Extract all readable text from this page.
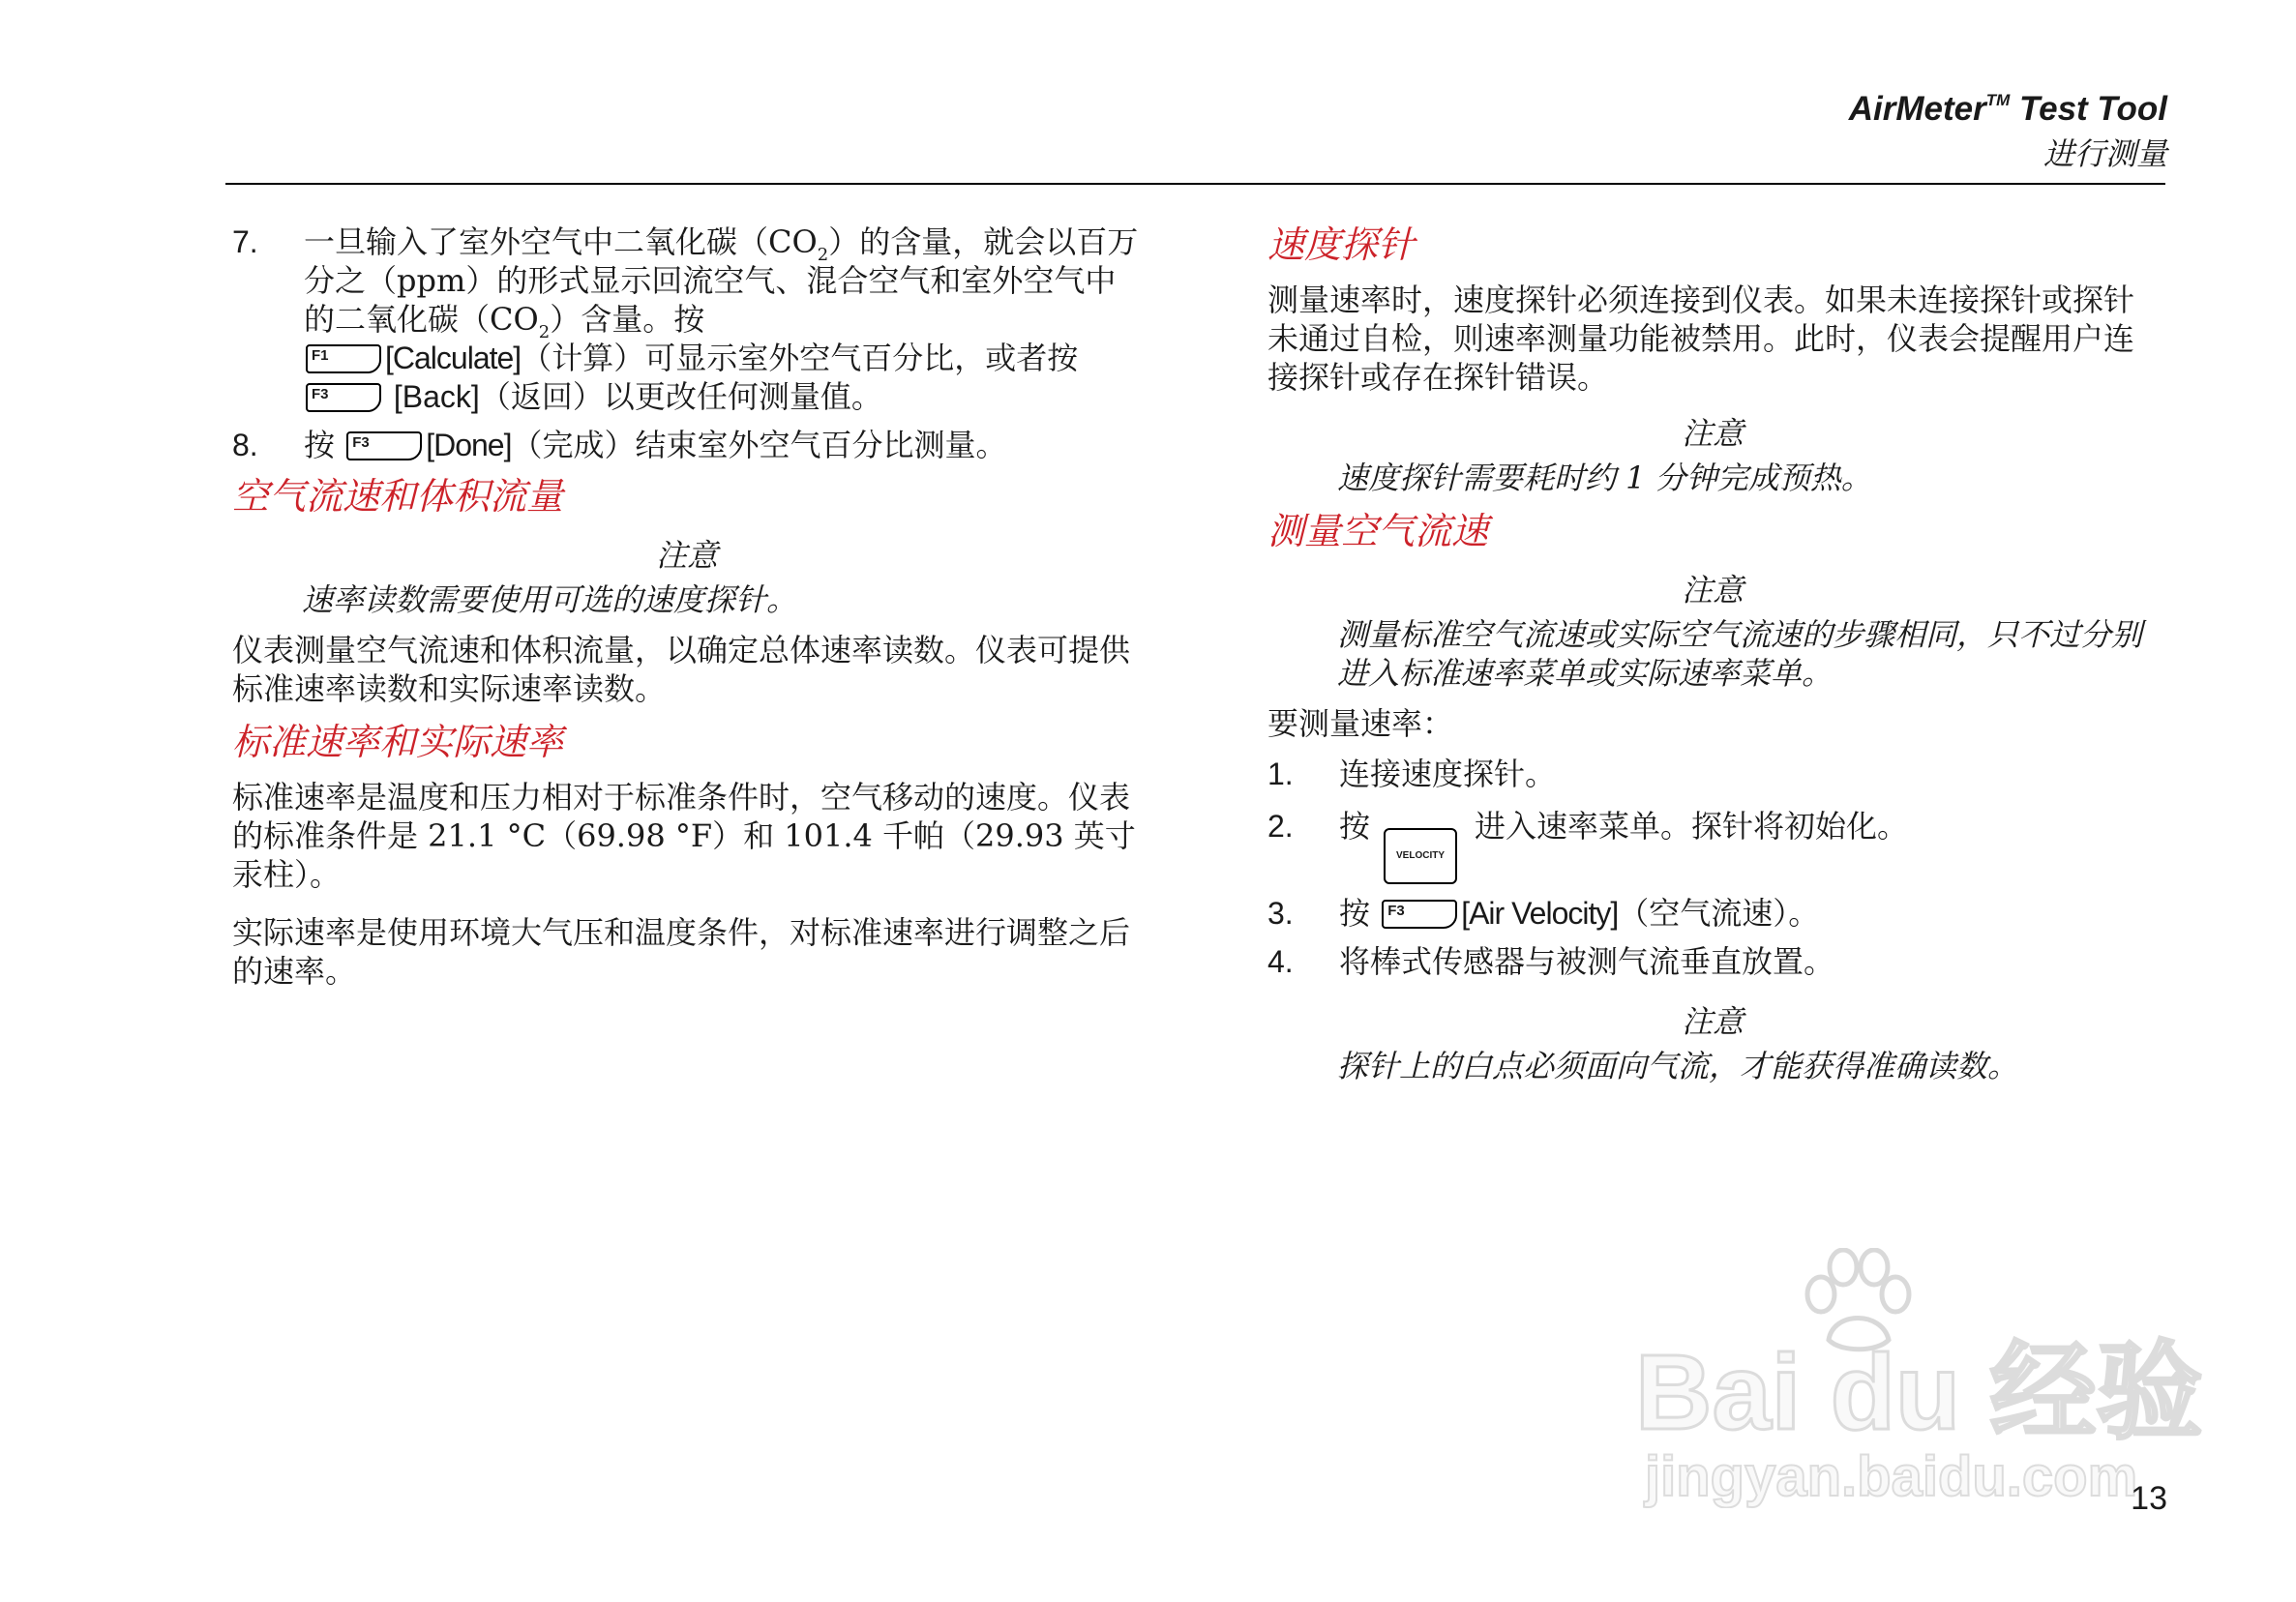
AirMeter™ Test Tool
进行测量
7.	一旦输入了室外空气中二氧化碳$(CO_2)$的含量，就会以百万分之（ppm）的形式显示回流空气、混合空气和室外空气中的二氧化碳$(CO_2)$含量。按

F1 [Calculate]（计算）可显示室外空气百分比，或者按
F3 [Back]（返回）以更改任何测量值。
8.	按 F3 [Done]（完成）结束室外空气百分比测量。
空气流速和体积流量
注意
速率读数需要使用可选的速度探针。

仪表测量空气流速和体积流量，以确定总体速率读数。仪表可提供标准速率读数和实际速率读数。

标准速率和实际速率

标准速率是温度和压力相对于标准条件时，空气移动的速度。仪表的标准条件是 21.1 °C（69.98 °F）和 101.4 千帕（29.93 英寸汞柱）。

实际速率是使用环境大气压和温度条件，对标准速率进行调整之后的速率。

速度探针

测量速率时，速度探针必须连接到仪表。如果未连接探针或探针未通过自检，则速率测量功能被禁用。此时，仪表会提醒用户连接探针或存在探针错误。

注意
速度探针需要耗时约 1 分钟完成预热。
测量空气流速
注意
测量标准空气流速或实际空气流速的步骤相同，只不过分别进入标准速率菜单或实际速率菜单。

要测量速率：

1.	连接速度探针。
2.	按
VELOCITY
进入速率菜单。探针将初始化。
3.	按 F3 [Air Velocity]（空气流速）。
4.	将棒式传感器与被测气流垂直放置。
注意
探针上的白点必须面向气流，才能获得准确读数。
Bai du 经验
jingyan.baidu.com
13
